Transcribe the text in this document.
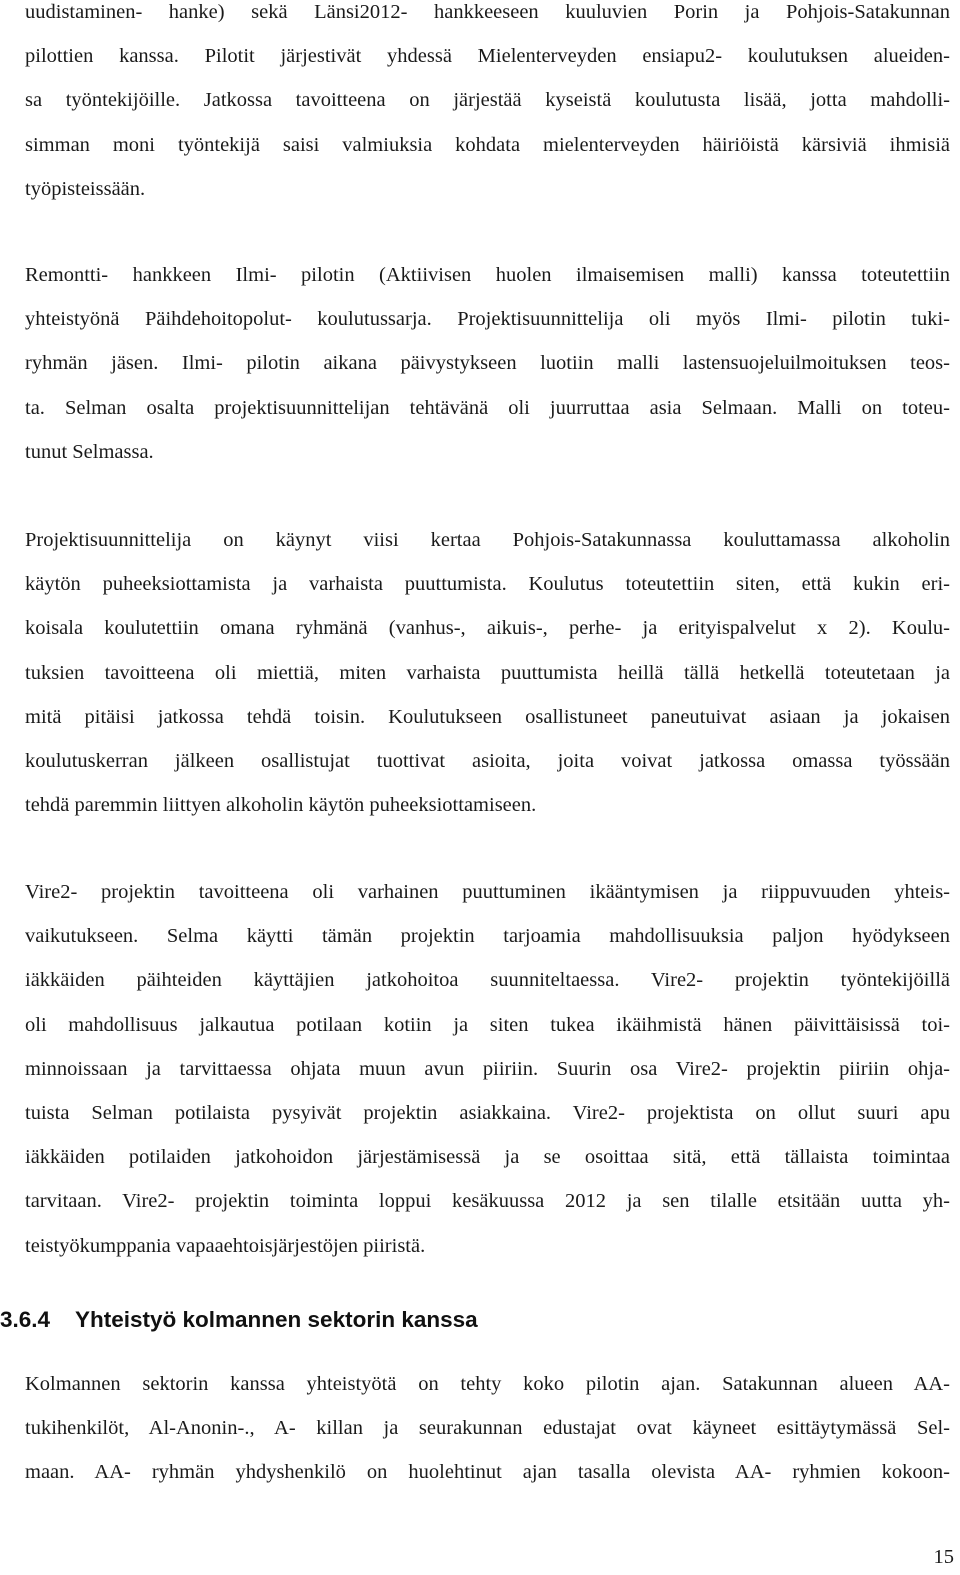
uudistaminen- hanke) sekä Länsi2012- hankkeeseen kuuluvien Porin ja Pohjois-Satakunnan
pilottien kanssa. Pilotit järjestivät yhdessä Mielenterveyden ensiapu2- koulutuksen alueiden-
sa työntekijöille. Jatkossa tavoitteena on järjestää kyseistä koulutusta lisää, jotta mahdolli-
simman moni työntekijä saisi valmiuksia kohdata mielenterveyden häiriöistä kärsiviä ihmisiä
työpisteissään.
Remontti- hankkeen Ilmi- pilotin (Aktiivisen huolen ilmaisemisen malli) kanssa toteutettiin
yhteistyönä Päihdehoitopolut- koulutussarja. Projektisuunnittelija oli myös Ilmi- pilotin tuki-
ryhmän jäsen. Ilmi- pilotin aikana päivystykseen luotiin malli lastensuojeluilmoituksen teos-
ta. Selman osalta projektisuunnittelijan tehtävänä oli juurruttaa asia Selmaan. Malli on toteu-
tunut Selmassa.
Projektisuunnittelija on käynyt viisi kertaa Pohjois-Satakunnassa kouluttamassa alkoholin
käytön puheeksiottamista ja varhaista puuttumista. Koulutus toteutettiin siten, että kukin eri-
koisala koulutettiin omana ryhmänä (vanhus-, aikuis-, perhe- ja erityispalvelut x 2). Koulu-
tuksien tavoitteena oli miettiä, miten varhaista puuttumista heillä tällä hetkellä toteutetaan ja
mitä pitäisi jatkossa tehdä toisin. Koulutukseen osallistuneet paneutuivat asiaan ja jokaisen
koulutuskerran jälkeen osallistujat tuottivat asioita, joita voivat jatkossa omassa työssään
tehdä paremmin liittyen alkoholin käytön puheeksiottamiseen.
Vire2- projektin tavoitteena oli varhainen puuttuminen ikääntymisen ja riippuvuuden yhteis-
vaikutukseen. Selma käytti tämän projektin tarjoamia mahdollisuuksia paljon hyödykseen
iäkkäiden päihteiden käyttäjien jatkohoitoa suunniteltaessa. Vire2- projektin työntekijöillä
oli mahdollisuus jalkautua potilaan kotiin ja siten tukea ikäihmistä hänen päivittäisissä toi-
minnoissaan ja tarvittaessa ohjata muun avun piiriin. Suurin osa Vire2- projektin piiriin ohja-
tuista Selman potilaista pysyivät projektin asiakkaina. Vire2- projektista on ollut suuri apu
iäkkäiden potilaiden jatkohoidon järjestämisessä ja se osoittaa sitä, että tällaista toimintaa
tarvitaan. Vire2- projektin toiminta loppui kesäkuussa 2012 ja sen tilalle etsitään uutta yh-
teistyökumppania vapaaehtoisjärjestöjen piiristä.
3.6.4 Yhteistyö kolmannen sektorin kanssa
Kolmannen sektorin kanssa yhteistyötä on tehty koko pilotin ajan. Satakunnan alueen AA-
tukihenkilöt, Al-Anonin-., A- killan ja seurakunnan edustajat ovat käyneet esittäytymässä Sel-
maan. AA- ryhmän yhdyshenkilö on huolehtinut ajan tasalla olevista AA- ryhmien kokoon-
15
